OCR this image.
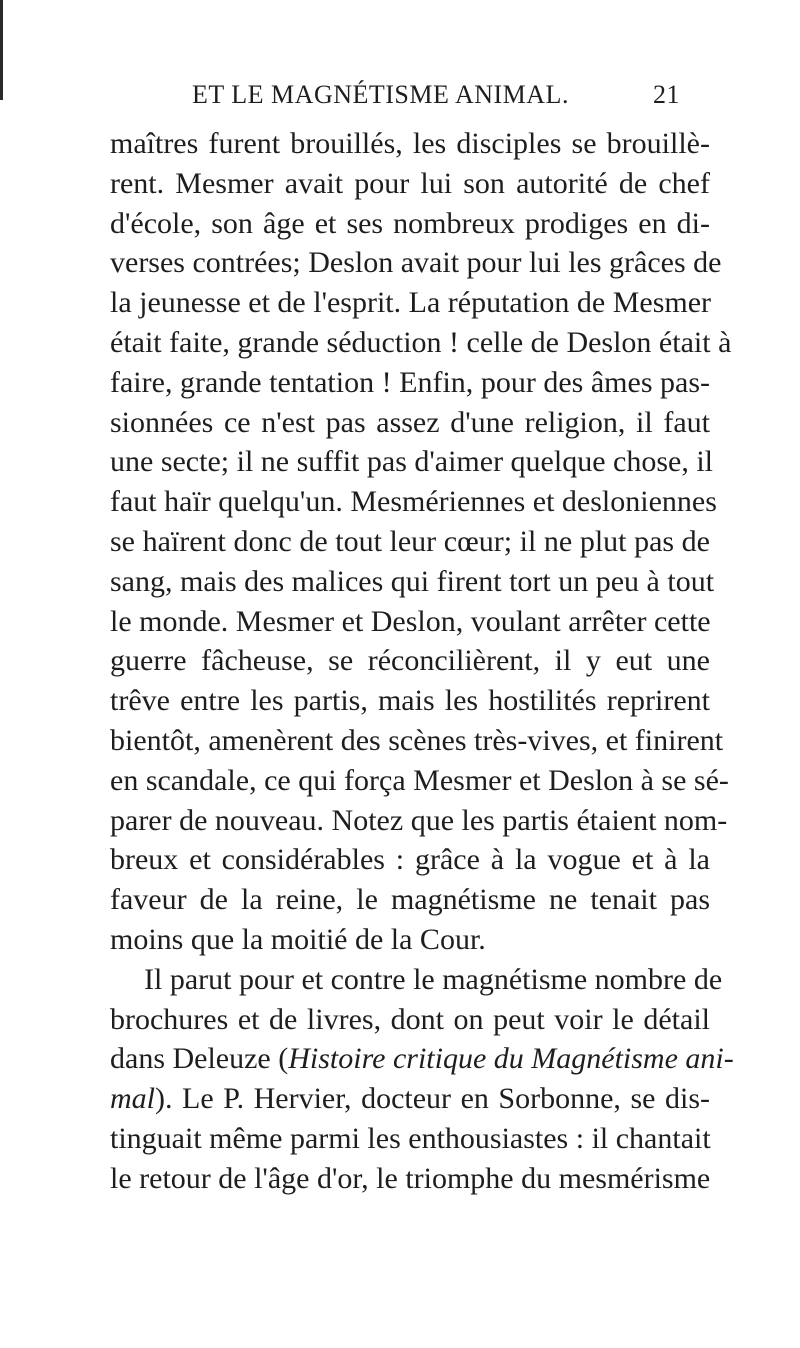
ET LE MAGNÉTISME ANIMAL.	21
maîtres furent brouillés, les disciples se brouillè-
rent. Mesmer avait pour lui son autorité de chef
d'école, son âge et ses nombreux prodiges en di-
verses contrées; Deslon avait pour lui les grâces de
la jeunesse et de l'esprit. La réputation de Mesmer
était faite, grande séduction ! celle de Deslon était à
faire, grande tentation ! Enfin, pour des âmes pas-
sionnées ce n'est pas assez d'une religion, il faut
une secte; il ne suffit pas d'aimer quelque chose, il
faut haïr quelqu'un. Mesmériennes et desloniennes
se haïrent donc de tout leur cœur; il ne plut pas de
sang, mais des malices qui firent tort un peu à tout
le monde. Mesmer et Deslon, voulant arrêter cette
guerre fâcheuse, se réconcilièrent, il y eut une
trêve entre les partis, mais les hostilités reprirent
bientôt, amenèrent des scènes très-vives, et finirent
en scandale, ce qui força Mesmer et Deslon à se sé-
parer de nouveau. Notez que les partis étaient nom-
breux et considérables : grâce à la vogue et à la
faveur de la reine, le magnétisme ne tenait pas
moins que la moitié de la Cour.
Il parut pour et contre le magnétisme nombre de
brochures et de livres, dont on peut voir le détail
dans Deleuze (Histoire critique du Magnétisme ani-
mal). Le P. Hervier, docteur en Sorbonne, se dis-
tinguait même parmi les enthousiastes : il chantait
le retour de l'âge d'or, le triomphe du mesmérisme
